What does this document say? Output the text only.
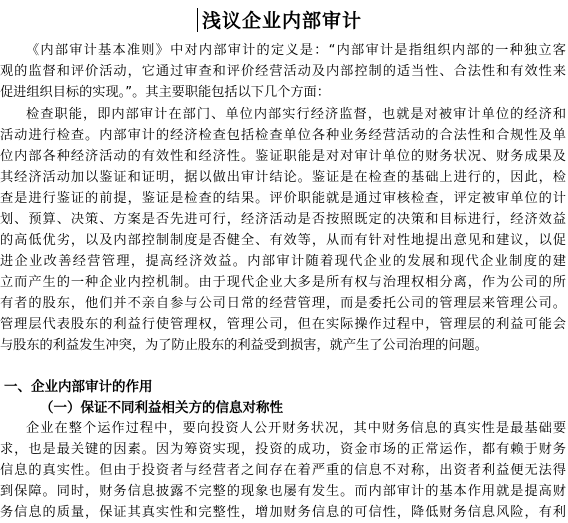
浅议企业内部审计
《内部审计基本准则》中对内部审计的定义是：“内部审计是指组织内部的一种独立客
观的监督和评价活动，它通过审查和评价经营活动及内部控制的适当性、合法性和有效性来
促进组织目标的实现。”。其主要职能包括以下几个方面：
检查职能，即内部审计在部门、单位内部实行经济监督，也就是对被审计单位的经济和
活动进行检查。内部审计的经济检查包括检查单位各种业务经营活动的合法性和合规性及单
位内部各种经济活动的有效性和经济性。鉴证职能是对对审计单位的财务状况、财务成果及
其经济活动加以鉴证和证明，据以做出审计结论。鉴证是在检查的基础上进行的，因此，检
查是进行鉴证的前提，鉴证是检查的结果。评价职能就是通过审核检查，评定被审单位的计
划、预算、决策、方案是否先进可行，经济活动是否按照既定的决策和目标进行，经济效益
的高低优劣，以及内部控制制度是否健全、有效等，从而有针对性地提出意见和建议，以促
进企业改善经营管理，提高经济效益。内部审计随着现代企业的发展和现代企业制度的建
立而产生的一种企业内控机制。由于现代企业大多是所有权与治理权相分离，作为公司的所
有者的股东，他们并不亲自参与公司日常的经营管理，而是委托公司的管理层来管理公司。
管理层代表股东的利益行使管理权，管理公司，但在实际操作过程中，管理层的利益可能会
与股东的利益发生冲突，为了防止股东的利益受到损害，就产生了公司治理的问题。
一、企业内部审计的作用
（一）保证不同利益相关方的信息对称性
企业在整个运作过程中，要向投资人公开财务状况，其中财务信息的真实性是最基础要
求，也是最关键的因素。因为筹资实现，投资的成功，资金市场的正常运作，都有赖于财务
信息的真实性。但由于投资者与经营者之间存在着严重的信息不对称，出资者利益便无法得
到保障。同时，财务信息披露不完整的现象也屡有发生。而内部审计的基本作用就是提高财
务信息的质量，保证其真实性和完整性，增加财务信息的可信性，降低财务信息风险，有利
